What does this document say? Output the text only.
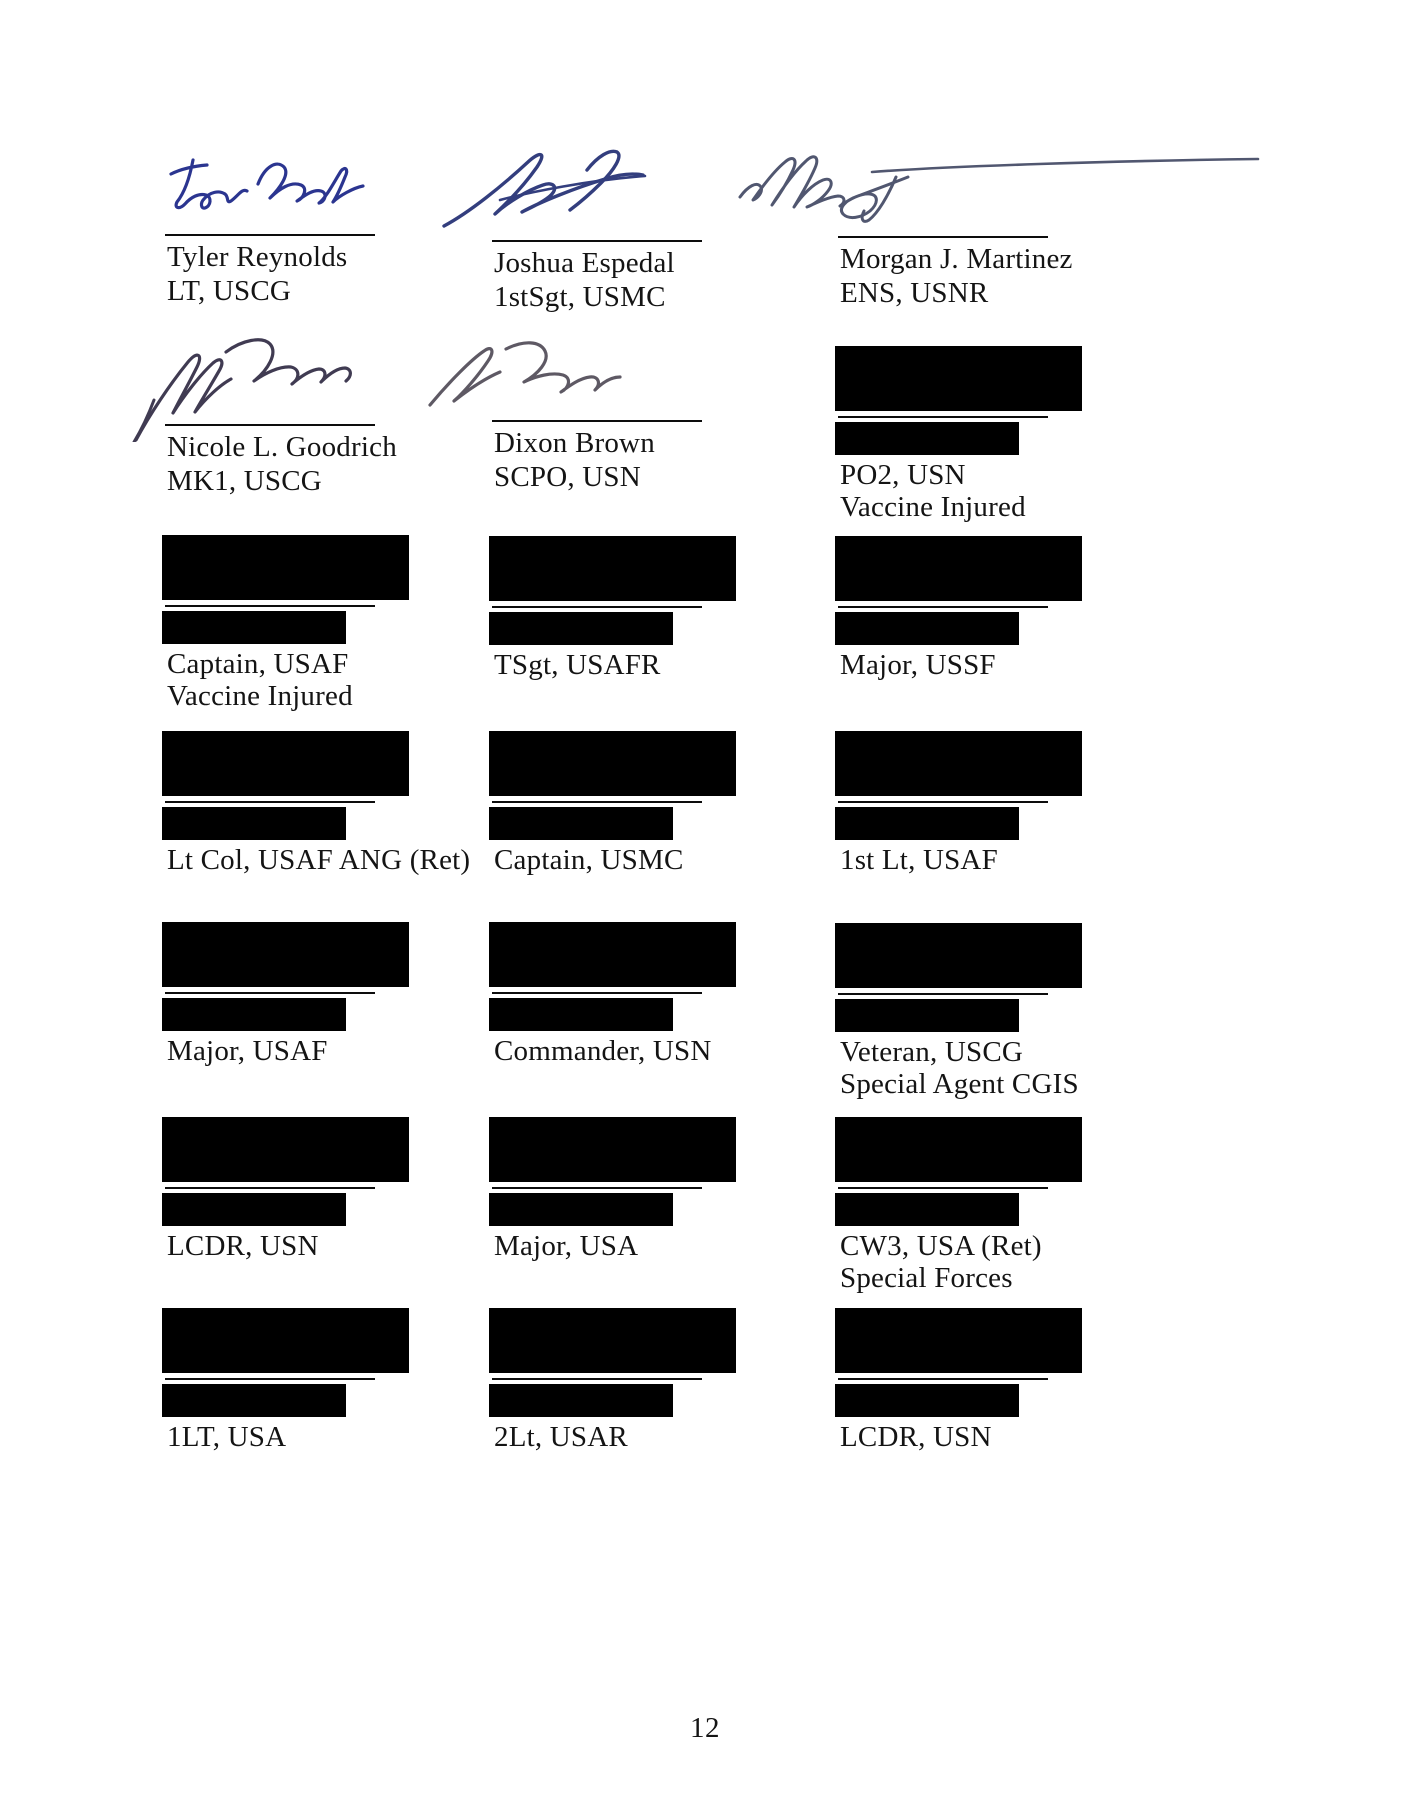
Tyler Reynolds
LT, USCG
Joshua Espedal
1stSgt, USMC
Morgan J. Martinez
ENS, USNR
Nicole L. Goodrich
MK1, USCG
Dixon Brown
SCPO, USN	PO2, USN
Vaccine Injured
Captain, USAF
Vaccine Injured
TSgt, USAFR	Major, USSF
Lt Col, USAF ANG (Ret) Captain, USMC	1st Lt, USAF
Major, USAF	Commander, USN	Veteran, USCG
Special Agent CGIS
LCDR, USN	Major, USA	CW3, USA (Ret)
Special Forces
1LT, USA	2Lt, USAR	LCDR, USN
12
